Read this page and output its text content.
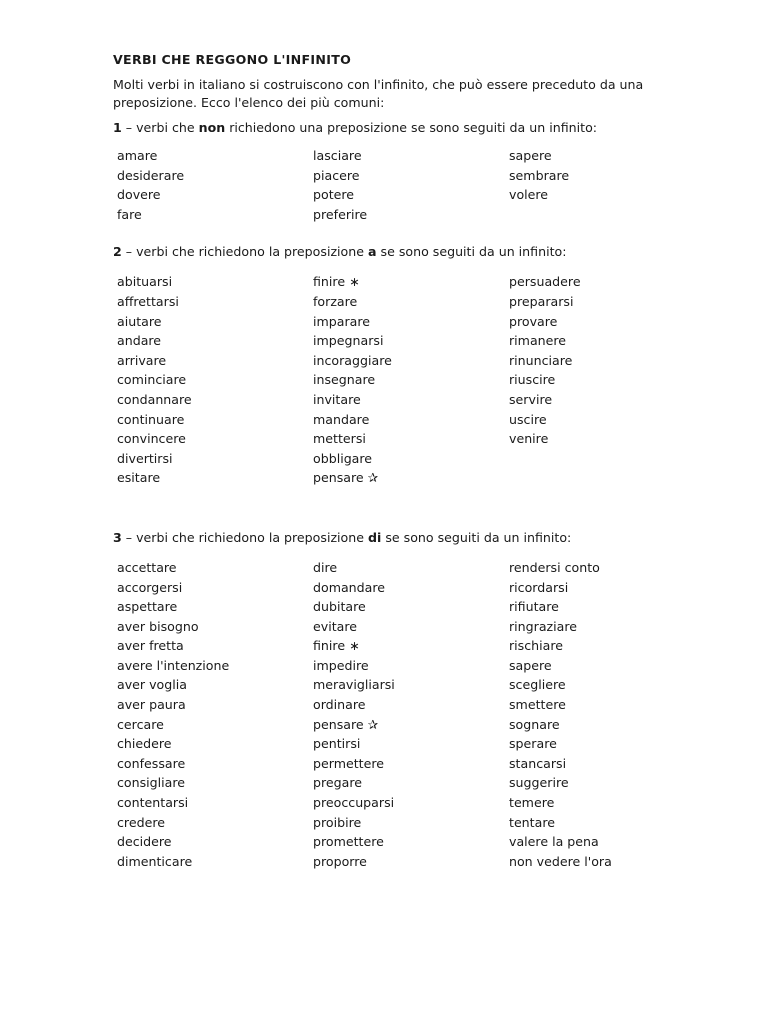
VERBI CHE REGGONO L'INFINITO
Molti verbi in italiano si costruiscono con l'infinito, che può essere preceduto da una preposizione. Ecco l'elenco dei più comuni:
1 – verbi che non richiedono una preposizione se sono seguiti da un infinito:
amare	lasciare	sapere
desiderare	piacere	sembrare
dovere	potere	volere
fare	preferire
2 – verbi che richiedono la preposizione a se sono seguiti da un infinito:
abituarsi	finire ∗	persuadere
affrettarsi	forzare	prepararsi
aiutare	imparare	provare
andare	impegnarsi	rimanere
arrivare	incoraggiare	rinunciare
cominciare	insegnare	riuscire
condannare	invitare	servire
continuare	mandare	uscire
convincere	mettersi	venire
divertirsi	obbligare
esitare	pensare ✰
3 – verbi che richiedono la preposizione di se sono seguiti da un infinito:
accettare	dire	rendersi conto
accorgersi	domandare	ricordarsi
aspettare	dubitare	rifiutare
aver bisogno	evitare	ringraziare
aver fretta	finire ∗	rischiare
avere l'intenzione	impedire	sapere
aver voglia	meravigliarsi	scegliere
aver paura	ordinare	smettere
cercare	pensare ✰	sognare
chiedere	pentirsi	sperare
confessare	permettere	stancarsi
consigliare	pregare	suggerire
contentarsi	preoccuparsi	temere
credere	proibire	tentare
decidere	promettere	valere la pena
dimenticare	proporre	non vedere l'ora
